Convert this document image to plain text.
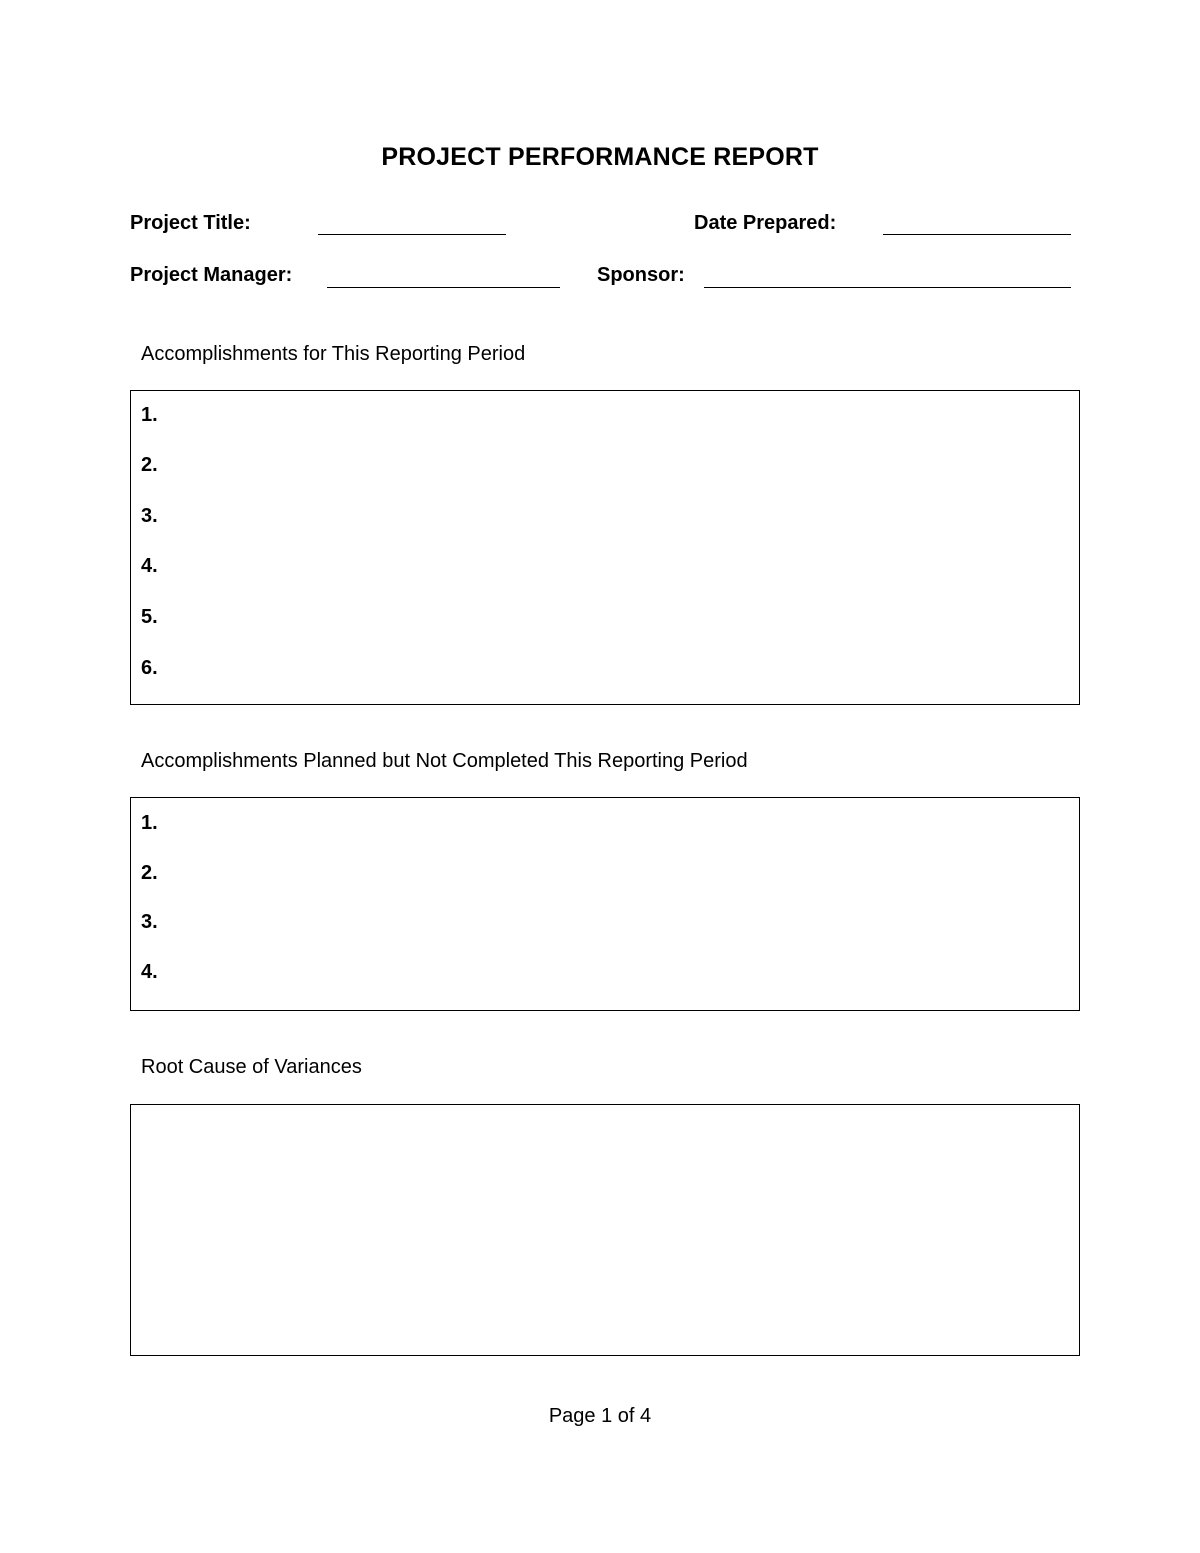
PROJECT PERFORMANCE REPORT
Project Title:	Date Prepared:
Project Manager:	Sponsor:
Accomplishments for This Reporting Period
1.
2.
3.
4.
5.
6.
Accomplishments Planned but Not Completed This Reporting Period
1.
2.
3.
4.
Root Cause of Variances
Page 1 of 4
